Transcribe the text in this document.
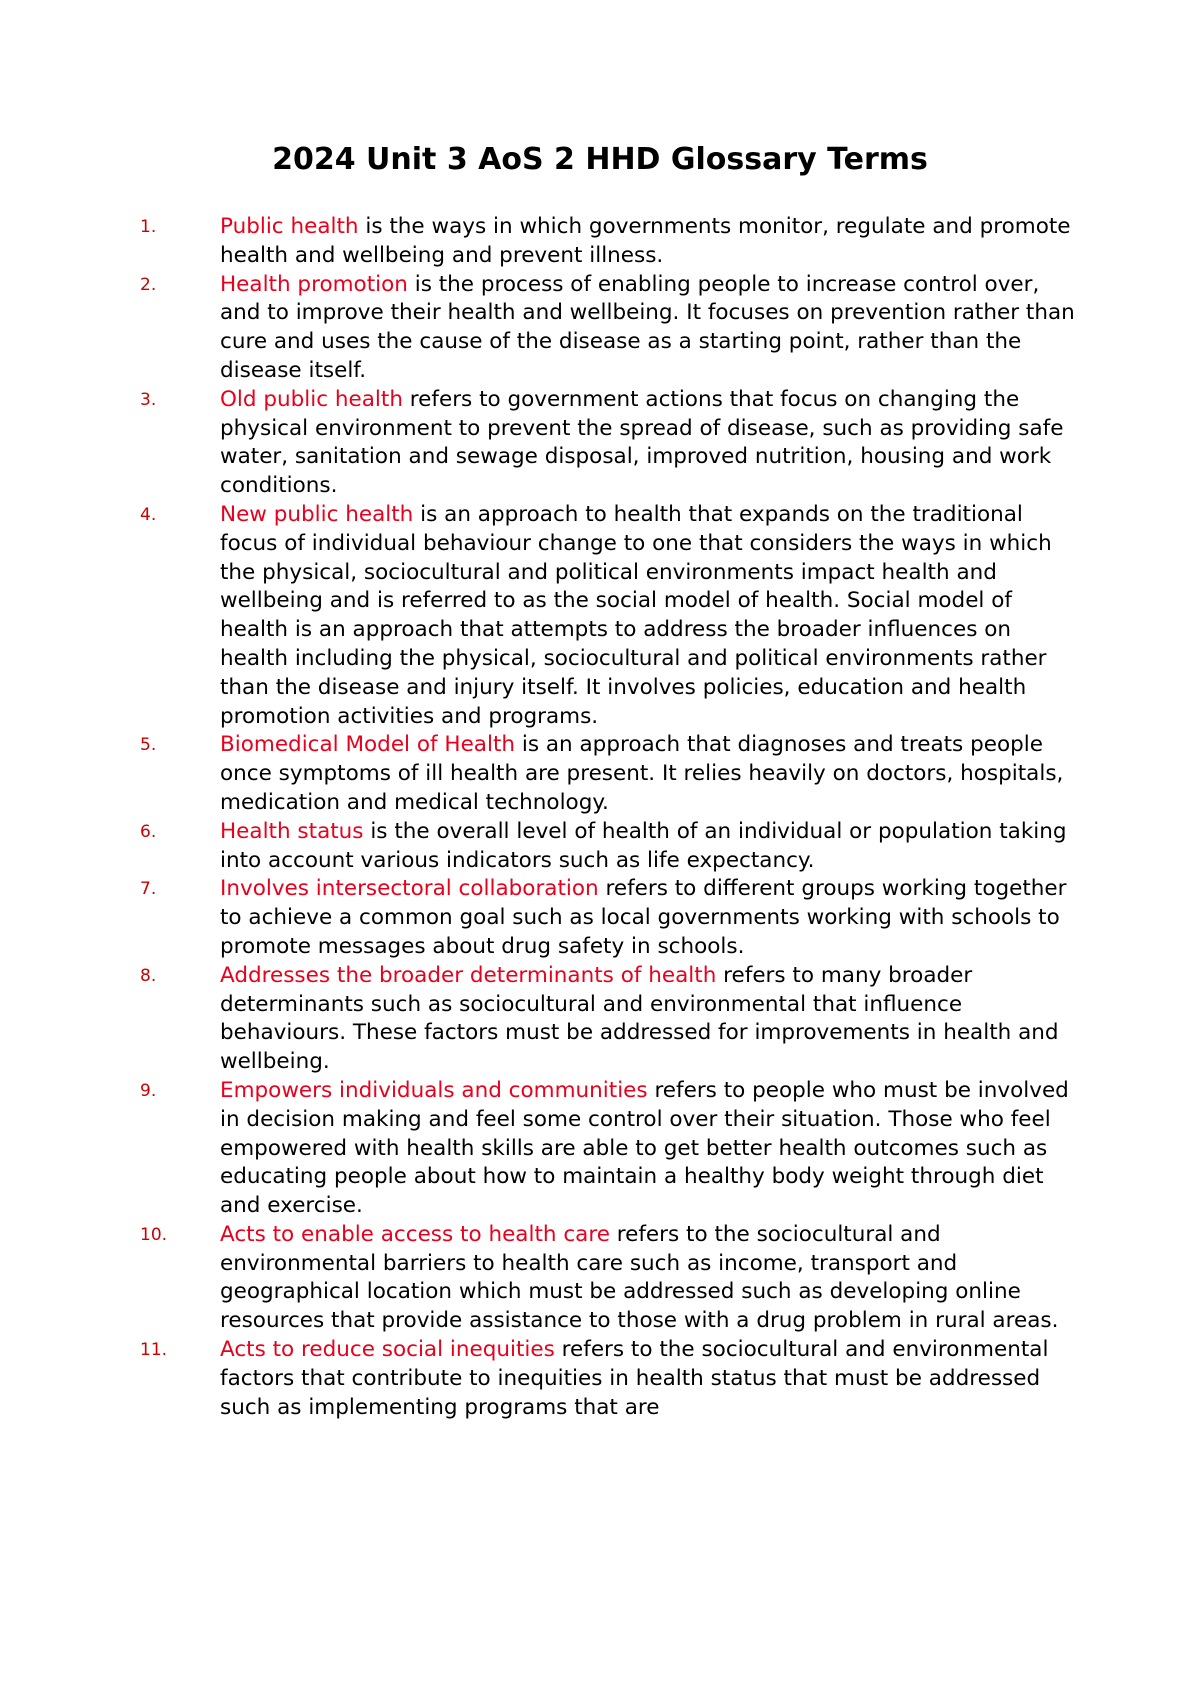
2024 Unit 3 AoS 2 HHD Glossary Terms
1.	Public health is the ways in which governments monitor, regulate and promote health and wellbeing and prevent illness.
2.	Health promotion is the process of enabling people to increase control over, and to improve their health and wellbeing. It focuses on prevention rather than cure and uses the cause of the disease as a starting point, rather than the disease itself.
3.	Old public health refers to government actions that focus on changing the physical environment to prevent the spread of disease, such as providing safe water, sanitation and sewage disposal, improved nutrition, housing and work conditions.
4.	New public health is an approach to health that expands on the traditional focus of individual behaviour change to one that considers the ways in which the physical, sociocultural and political environments impact health and wellbeing and is referred to as the social model of health. Social model of health is an approach that attempts to address the broader influences on health including the physical, sociocultural and political environments rather than the disease and injury itself. It involves policies, education and health promotion activities and programs.
5.	Biomedical Model of Health is an approach that diagnoses and treats people once symptoms of ill health are present. It relies heavily on doctors, hospitals, medication and medical technology.
6.	Health status is the overall level of health of an individual or population taking into account various indicators such as life expectancy.
7.	Involves intersectoral collaboration refers to different groups working together to achieve a common goal such as local governments working with schools to promote messages about drug safety in schools.
8.	Addresses the broader determinants of health refers to many broader determinants such as sociocultural and environmental that influence behaviours. These factors must be addressed for improvements in health and wellbeing.
9.	Empowers individuals and communities refers to people who must be involved in decision making and feel some control over their situation. Those who feel empowered with health skills are able to get better health outcomes such as educating people about how to maintain a healthy body weight through diet and exercise.
10.	Acts to enable access to health care refers to the sociocultural and environmental barriers to health care such as income, transport and geographical location which must be addressed such as developing online resources that provide assistance to those with a drug problem in rural areas.
11.	Acts to reduce social inequities refers to the sociocultural and environmental factors that contribute to inequities in health status that must be addressed such as implementing programs that are
